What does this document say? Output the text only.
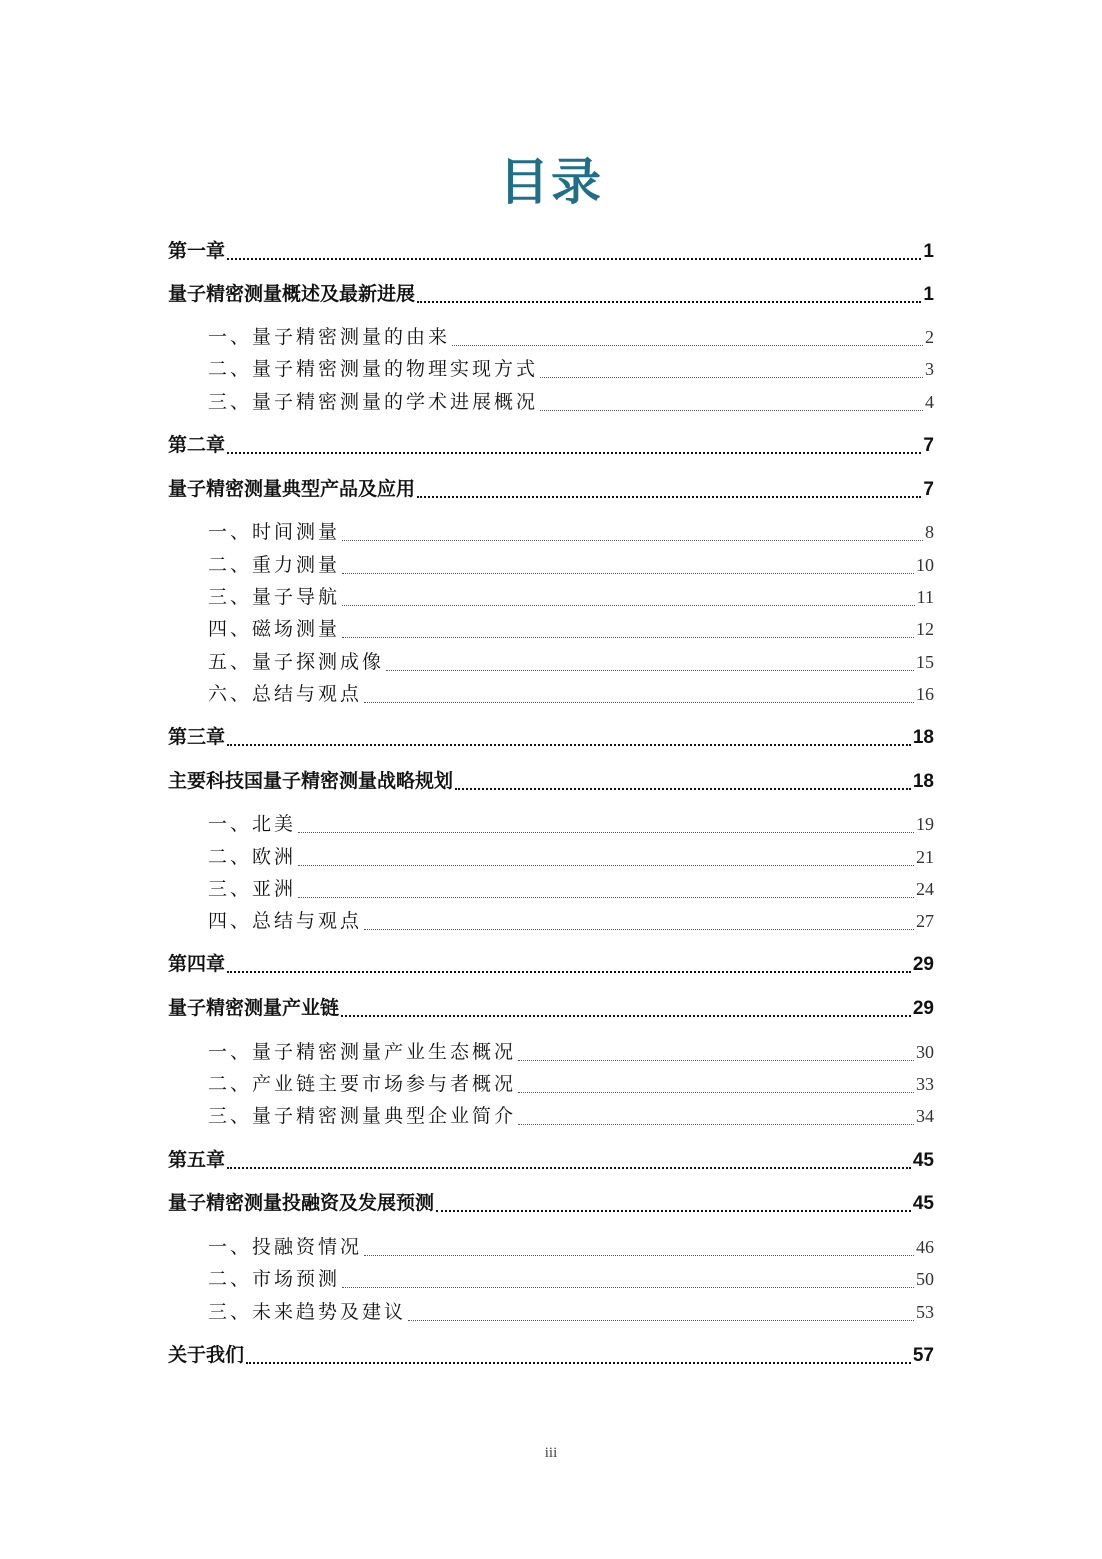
目录
第一章	1
量子精密测量概述及最新进展	1
一、量子精密测量的由来	2
二、量子精密测量的物理实现方式	3
三、量子精密测量的学术进展概况	4
第二章	7
量子精密测量典型产品及应用	7
一、时间测量	8
二、重力测量	10
三、量子导航	11
四、磁场测量	12
五、量子探测成像	15
六、总结与观点	16
第三章	18
主要科技国量子精密测量战略规划	18
一、北美	19
二、欧洲	21
三、亚洲	24
四、总结与观点	27
第四章	29
量子精密测量产业链	29
一、量子精密测量产业生态概况	30
二、产业链主要市场参与者概况	33
三、量子精密测量典型企业简介	34
第五章	45
量子精密测量投融资及发展预测	45
一、投融资情况	46
二、市场预测	50
三、未来趋势及建议	53
关于我们	57
iii
